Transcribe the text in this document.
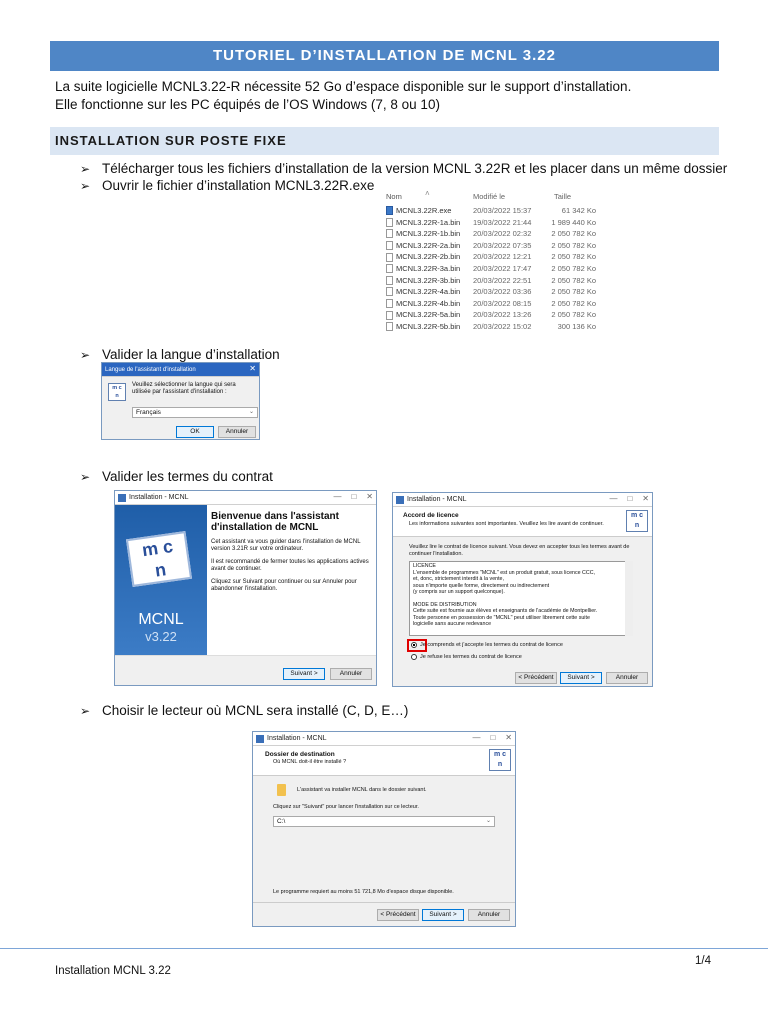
TUTORIEL D’INSTALLATION DE MCNL 3.22
La suite logicielle MCNL3.22-R nécessite 52 Go d’espace disponible sur le support d’installation.
Elle fonctionne sur les PC équipés de l’OS Windows (7, 8 ou 10)
INSTALLATION SUR POSTE FIXE
➢ Télécharger tous les fichiers d’installation de la version MCNL 3.22R et les placer dans un même dossier
➢ Ouvrir le fichier d’installation MCNL3.22R.exe
˄
Nom	Modifié le	Taille
MCNL3.22R.exe	20/03/2022 15:37	61 342 Ko
MCNL3.22R-1a.bin 19/03/2022 21:44	1 989 440 Ko
MCNL3.22R-1b.bin 20/03/2022 02:32	2 050 782 Ko
MCNL3.22R-2a.bin 20/03/2022 07:35	2 050 782 Ko
MCNL3.22R-2b.bin 20/03/2022 12:21	2 050 782 Ko
MCNL3.22R-3a.bin 20/03/2022 17:47	2 050 782 Ko
MCNL3.22R-3b.bin 20/03/2022 22:51	2 050 782 Ko
MCNL3.22R-4a.bin 20/03/2022 03:36	2 050 782 Ko
MCNL3.22R-4b.bin 20/03/2022 08:15	2 050 782 Ko
MCNL3.22R-5a.bin 20/03/2022 13:26	2 050 782 Ko
MCNL3.22R-5b.bin 20/03/2022 15:02	300 136 Ko
➢ Valider la langue d’installation
Langue de l'assistant d'installation	✕
m c
n
Veuillez sélectionner la langue qui sera utilisée par l'assistant d'installation :
Français	⌄
OK	Annuler
➢ Valider les termes du contrat
Installation - MCNL	— □ ✕
m c
n
MCNL
v3.22
Bienvenue dans l'assistant d'installation de MCNL
Cet assistant va vous guider dans l'installation de MCNL version 3.21R sur votre ordinateur.
Il est recommandé de fermer toutes les applications actives avant de continuer.
Cliquez sur Suivant pour continuer ou sur Annuler pour abandonner l'installation.
Suivant >	Annuler
Installation - MCNL	— □ ✕
Accord de licence
Les informations suivantes sont importantes. Veuillez les lire avant de continuer.
m c
n
Veuillez lire le contrat de licence suivant. Vous devez en accepter tous les termes avant de continuer l'installation.
LICENCE
L'ensemble de programmes "MCNL" est un produit gratuit, sous licence CCC,
et, donc, strictement interdit à la vente,
sous n'importe quelle forme, directement ou indirectement
(y compris sur un support quelconque).
MODE DE DISTRIBUTION
Cette suite est fournie aux élèves et enseignants de l'académie de Montpellier.
Toute personne en possession de "MCNL" peut utiliser librement cette suite
logicielle sans aucune redevance
Je comprends et j'accepte les termes du contrat de licence
Je refuse les termes du contrat de licence
< Précédent	Suivant >	Annuler
➢ Choisir le lecteur où MCNL sera installé (C, D, E…)
Installation - MCNL	— □ ✕
Dossier de destination
Où MCNL doit-il être installé ?
m c
n
L'assistant va installer MCNL dans le dossier suivant.
Cliquez sur "Suivant" pour lancer l'installation sur ce lecteur.
C:\	⌄
Le programme requiert au moins 51 721,8 Mo d'espace disque disponible.
< Précédent	Suivant >	Annuler
1/4
Installation MCNL 3.22
